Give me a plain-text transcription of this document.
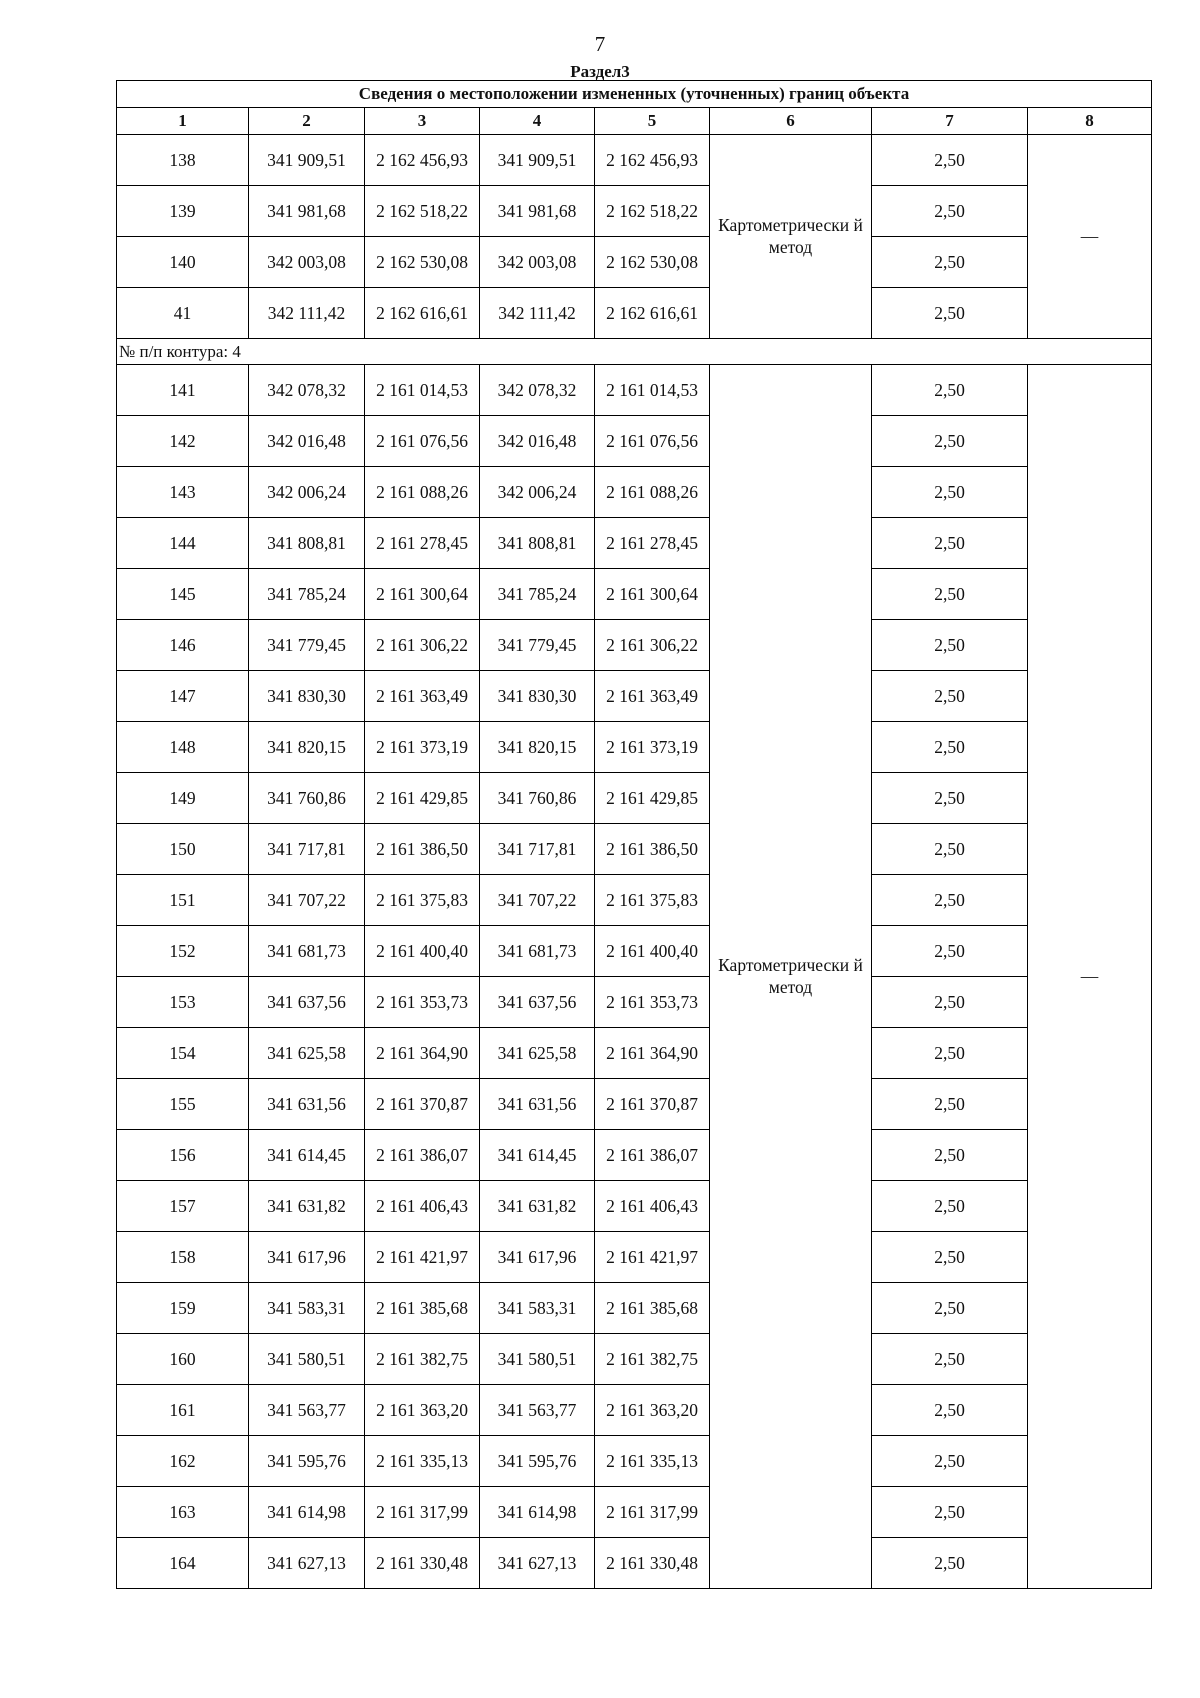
7
Раздел3
Сведения о местоположении измененных (уточненных) границ объекта							
1	2	3	4	5	6	7	8
138	341 909,51	2 162 456,93	341 909,51	2 162 456,93	Картометрически й метод	2,50	—
139	341 981,68	2 162 518,22	341 981,68	2 162 518,22		2,50	
140	342 003,08	2 162 530,08	342 003,08	2 162 530,08		2,50	
41	342 111,42	2 162 616,61	342 111,42	2 162 616,61		2,50	
№ п/п контура: 4							
141	342 078,32	2 161 014,53	342 078,32	2 161 014,53	Картометрически й метод	2,50	—
142	342 016,48	2 161 076,56	342 016,48	2 161 076,56		2,50	
143	342 006,24	2 161 088,26	342 006,24	2 161 088,26		2,50	
144	341 808,81	2 161 278,45	341 808,81	2 161 278,45		2,50	
145	341 785,24	2 161 300,64	341 785,24	2 161 300,64		2,50	
146	341 779,45	2 161 306,22	341 779,45	2 161 306,22		2,50	
147	341 830,30	2 161 363,49	341 830,30	2 161 363,49		2,50	
148	341 820,15	2 161 373,19	341 820,15	2 161 373,19		2,50	
149	341 760,86	2 161 429,85	341 760,86	2 161 429,85		2,50	
150	341 717,81	2 161 386,50	341 717,81	2 161 386,50		2,50	
151	341 707,22	2 161 375,83	341 707,22	2 161 375,83		2,50	
152	341 681,73	2 161 400,40	341 681,73	2 161 400,40		2,50	
153	341 637,56	2 161 353,73	341 637,56	2 161 353,73		2,50	
154	341 625,58	2 161 364,90	341 625,58	2 161 364,90		2,50	
155	341 631,56	2 161 370,87	341 631,56	2 161 370,87		2,50	
156	341 614,45	2 161 386,07	341 614,45	2 161 386,07		2,50	
157	341 631,82	2 161 406,43	341 631,82	2 161 406,43		2,50	
158	341 617,96	2 161 421,97	341 617,96	2 161 421,97		2,50	
159	341 583,31	2 161 385,68	341 583,31	2 161 385,68		2,50	
160	341 580,51	2 161 382,75	341 580,51	2 161 382,75		2,50	
161	341 563,77	2 161 363,20	341 563,77	2 161 363,20		2,50	
162	341 595,76	2 161 335,13	341 595,76	2 161 335,13		2,50	
163	341 614,98	2 161 317,99	341 614,98	2 161 317,99		2,50	
164	341 627,13	2 161 330,48	341 627,13	2 161 330,48		2,50	
